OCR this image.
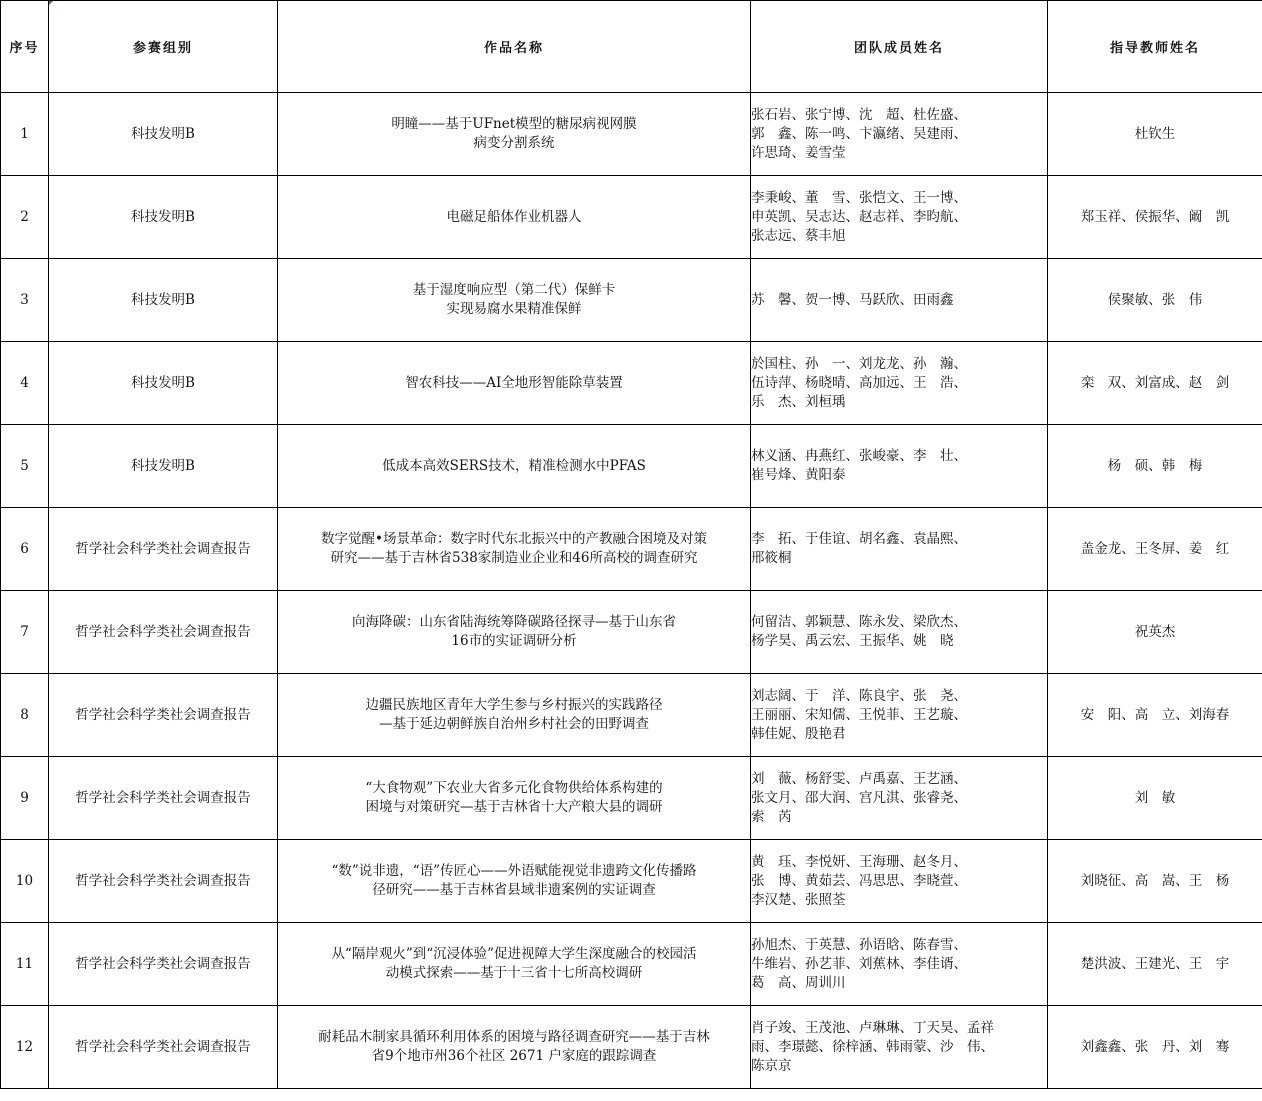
序号	参赛组别	作品名称	团队成员姓名	指导教师姓名
1	科技发明B	明瞳——基于UFnet模型的糖尿病视网膜
病变分割系统	张石岩、张宁博、沈　超、杜佐盛、
郭　鑫、陈一鸣、卞瀛绪、吴建雨、
许思琦、姜雪莹	杜钦生
2	科技发明B	电磁足船体作业机器人	李秉峻、董　雪、张恺文、王一博、
申英凯、吴志达、赵志祥、李昀航、
张志远、蔡丰旭	郑玉祥、侯振华、阚　凯
3	科技发明B	基于湿度响应型（第二代）保鲜卡
实现易腐水果精准保鲜	苏　馨、贺一博、马跃欣、田雨鑫	侯聚敏、张　伟
4	科技发明B	智农科技——AI全地形智能除草装置	於国柱、孙　一、刘龙龙、孙　瀚、
伍诗萍、杨晓晴、高加远、王　浩、
乐　杰、刘桓瑀	栾　双、刘富成、赵　剑
5	科技发明B	低成本高效SERS技术，精准检测水中PFAS	林义涵、冉燕红、张峻豪、李　壮、
崔号烽、黄阳泰	杨　硕、韩　梅
6	哲学社会科学类社会调查报告	数字觉醒•场景革命：数字时代东北振兴中的产教融合困境及对策
研究——基于吉林省538家制造业企业和46所高校的调查研究	李　拓、于佳谊、胡名鑫、袁晶熙、
邢筱桐	盖金龙、王冬屏、姜　红
7	哲学社会科学类社会调查报告	向海降碳：山东省陆海统筹降碳路径探寻—基于山东省
16市的实证调研分析	何留洁、郭颖慧、陈永发、梁欣杰、
杨学昊、禹云宏、王振华、姚　晓	祝英杰
8	哲学社会科学类社会调查报告	边疆民族地区青年大学生参与乡村振兴的实践路径
—基于延边朝鲜族自治州乡村社会的田野调查	刘志阔、于　洋、陈良宇、张　尧、
王丽丽、宋知儒、王悦菲、王艺璇、
韩佳妮、殷艳君	安　阳、高　立、刘海春
9	哲学社会科学类社会调查报告	“大食物观”下农业大省多元化食物供给体系构建的
困境与对策研究—基于吉林省十大产粮大县的调研	刘　薇、杨舒雯、卢禹嘉、王艺涵、
张文月、邵大润、宫凡淇、张睿尧、
索　芮	刘　敏
10	哲学社会科学类社会调查报告	“数”说非遗，“语”传匠心——外语赋能视觉非遗跨文化传播路
径研究——基于吉林省县域非遗案例的实证调查	黄　珏、李悦妍、王海珊、赵冬月、
张　博、黄茹芸、冯思思、李晓萱、
李汉楚、张照荃	刘晓征、高　嵩、王　杨
11	哲学社会科学类社会调查报告	从“隔岸观火”到“沉浸体验”促进视障大学生深度融合的校园活
动模式探索——基于十三省十七所高校调研	孙旭杰、于英慧、孙语晗、陈春雪、
牛维岩、孙艺菲、刘蕉林、李佳谞、
葛　高、周训川	楚洪波、王建光、王　宇
12	哲学社会科学类社会调查报告	耐耗品木制家具循环利用体系的困境与路径调查研究——基于吉林
省9个地市州36个社区 2671 户家庭的跟踪调查	肖子竣、王茂池、卢琳琳、丁天昊、孟祥
雨、李璟懿、徐梓涵、韩雨蒙、沙　伟、
陈京京	刘鑫鑫、张　丹、刘　骞
